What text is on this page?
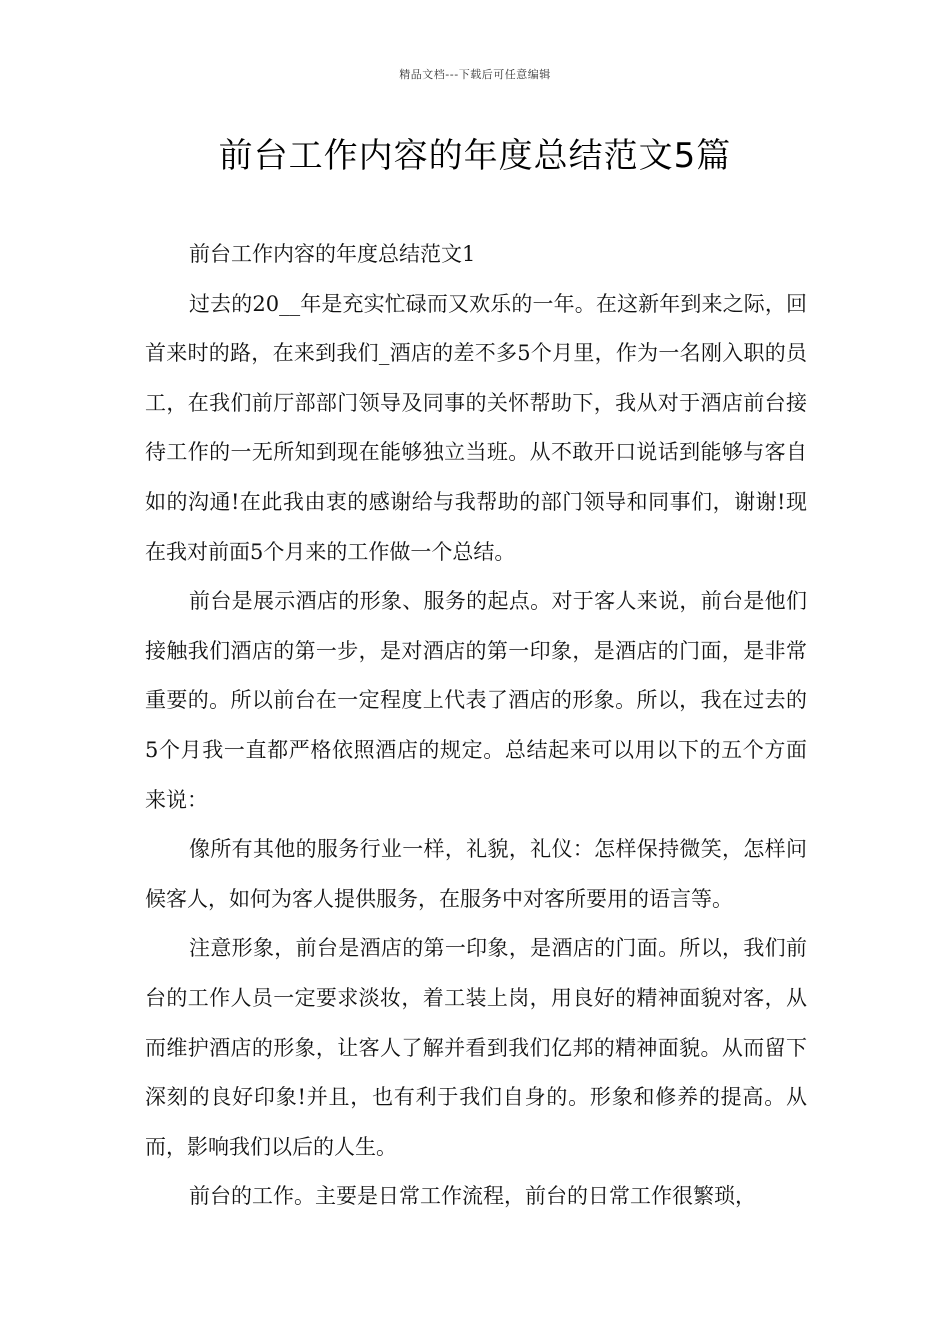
精品文档---下载后可任意编辑
前台工作内容的年度总结范文5篇

前台工作内容的年度总结范文1

过去的20__年是充实忙碌而又欢乐的一年。在这新年到来之际，回首来时的路，在来到我们_酒店的差不多5个月里，作为一名刚入职的员工，在我们前厅部部门领导及同事的关怀帮助下，我从对于酒店前台接待工作的一无所知到现在能够独立当班。从不敢开口说话到能够与客自如的沟通!在此我由衷的感谢给与我帮助的部门领导和同事们，谢谢!现在我对前面5个月来的工作做一个总结。

前台是展示酒店的形象、服务的起点。对于客人来说，前台是他们接触我们酒店的第一步，是对酒店的第一印象，是酒店的门面，是非常重要的。所以前台在一定程度上代表了酒店的形象。所以，我在过去的5个月我一直都严格依照酒店的规定。总结起来可以用以下的五个方面来说：

像所有其他的服务行业一样，礼貌，礼仪：怎样保持微笑，怎样问候客人，如何为客人提供服务，在服务中对客所要用的语言等。

注意形象，前台是酒店的第一印象，是酒店的门面。所以，我们前台的工作人员一定要求淡妆，着工装上岗，用良好的精神面貌对客，从而维护酒店的形象，让客人了解并看到我们亿邦的精神面貌。从而留下深刻的良好印象!并且，也有利于我们自身的。形象和修养的提高。从而，影响我们以后的人生。

前台的工作。主要是日常工作流程，前台的日常工作很繁琐，
